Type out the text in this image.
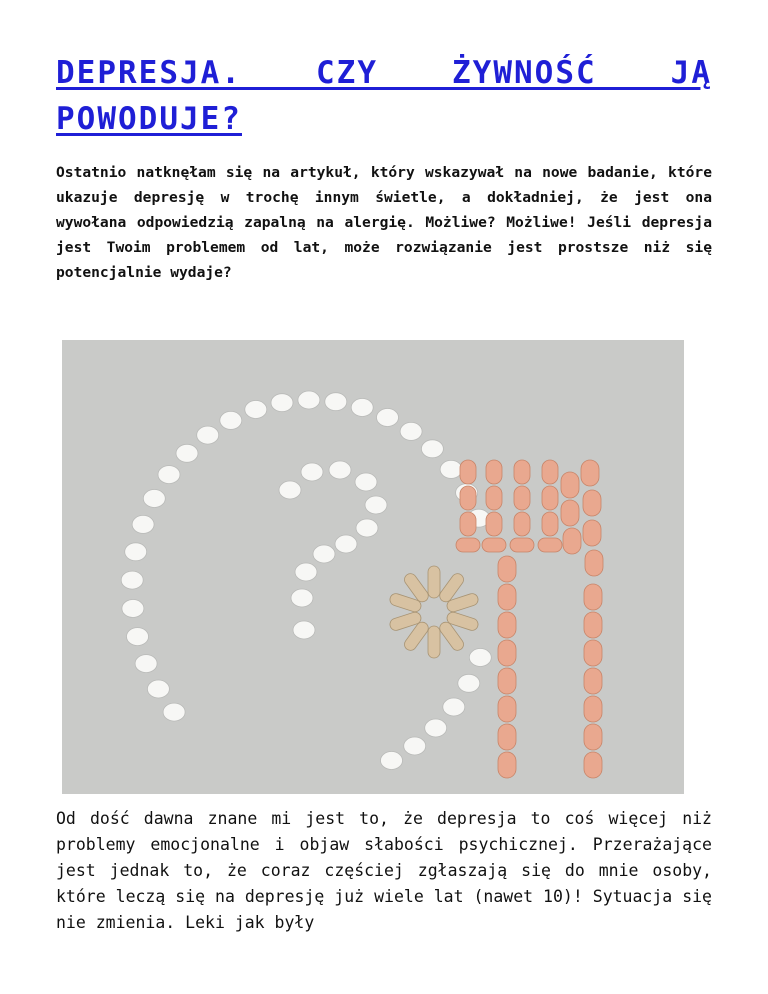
DEPRESJA. CZY ŻYWNOŚĆ JĄ POWODUJE?

Ostatnio natknęłam się na artykuł, który wskazywał na nowe badanie, które ukazuje depresję w trochę innym świetle, a dokładniej, że jest ona wywołana odpowiedzią zapalną na alergię. Możliwe? Możliwe! Jeśli depresja jest Twoim problemem od lat, może rozwiązanie jest prostsze niż się potencjalnie wydaje?

Od dość dawna znane mi jest to, że depresja to coś więcej niż problemy emocjonalne i objaw słabości psychicznej. Przerażające jest jednak to, że coraz częściej zgłaszają się do mnie osoby, które leczą się na depresję już wiele lat (nawet 10)! Sytuacja się nie zmienia. Leki jak były
